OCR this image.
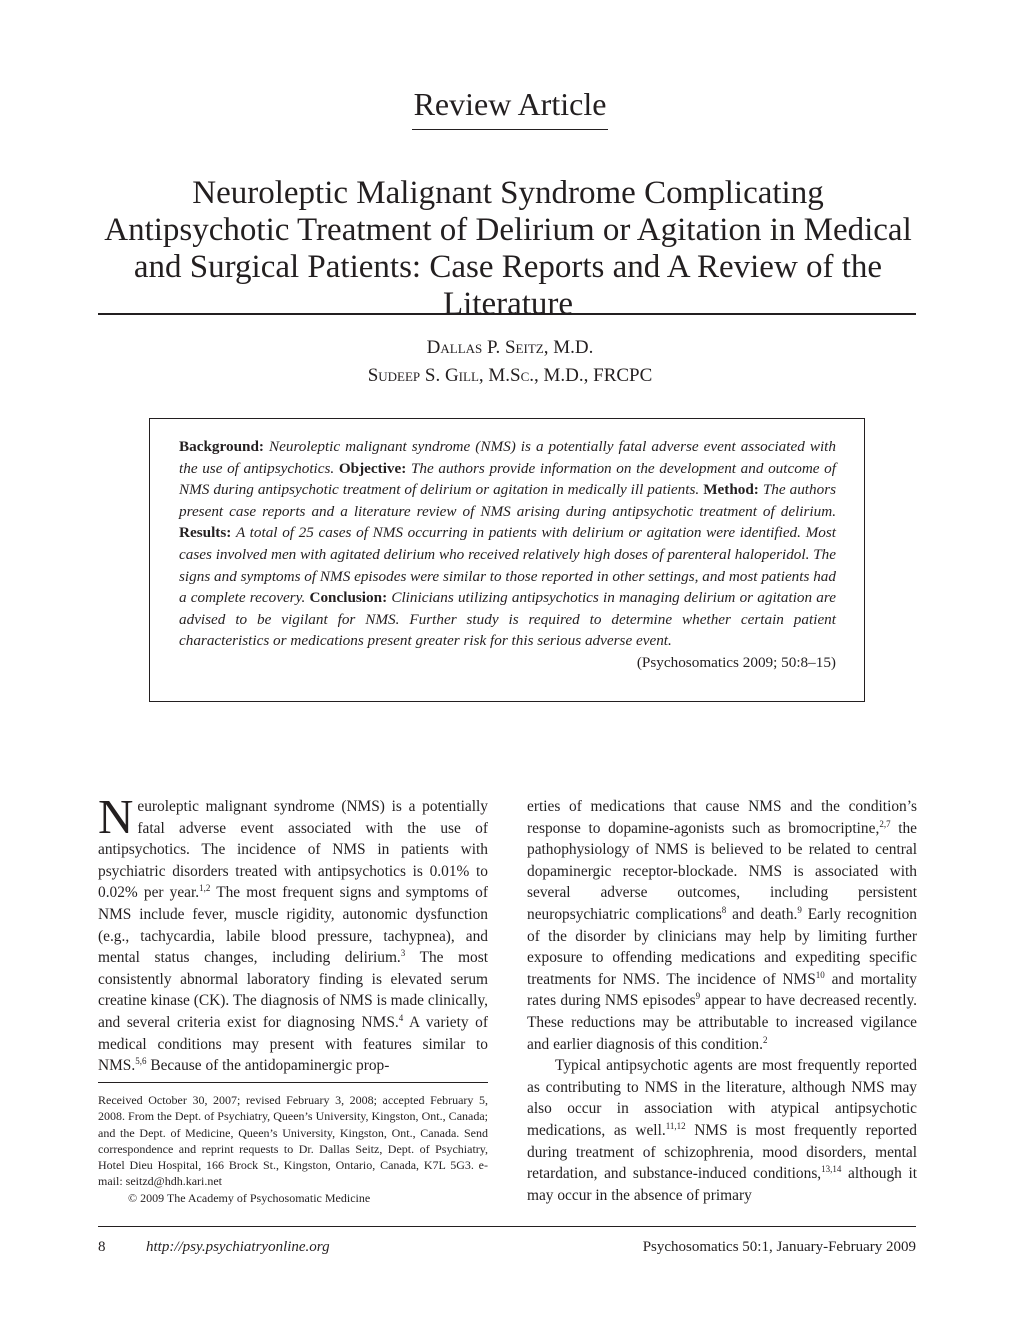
Review Article
Neuroleptic Malignant Syndrome Complicating Antipsychotic Treatment of Delirium or Agitation in Medical and Surgical Patients: Case Reports and A Review of the Literature
Dallas P. Seitz, M.D.
Sudeep S. Gill, M.Sc., M.D., FRCPC
Background: Neuroleptic malignant syndrome (NMS) is a potentially fatal adverse event associated with the use of antipsychotics. Objective: The authors provide information on the development and outcome of NMS during antipsychotic treatment of delirium or agitation in medically ill patients. Method: The authors present case reports and a literature review of NMS arising during antipsychotic treatment of delirium. Results: A total of 25 cases of NMS occurring in patients with delirium or agitation were identified. Most cases involved men with agitated delirium who received relatively high doses of parenteral haloperidol. The signs and symptoms of NMS episodes were similar to those reported in other settings, and most patients had a complete recovery. Conclusion: Clinicians utilizing antipsychotics in managing delirium or agitation are advised to be vigilant for NMS. Further study is required to determine whether certain patient characteristics or medications present greater risk for this serious adverse event.
(Psychosomatics 2009; 50:8–15)

Neuroleptic malignant syndrome (NMS) is a potentially fatal adverse event associated with the use of antipsychotics. The incidence of NMS in patients with psychiatric disorders treated with antipsychotics is 0.01% to 0.02% per year.$^{1,2}$ The most frequent signs and symptoms of NMS include fever, muscle rigidity, autonomic dysfunction (e.g., tachycardia, labile blood pressure, tachypnea), and mental status changes, including delirium.$^3$ The most consistently abnormal laboratory finding is elevated serum creatine kinase (CK). The diagnosis of NMS is made clinically, and several criteria exist for diagnosing NMS.$^4$ A variety of medical conditions may present with features similar to NMS.$^{5,6}$ Because of the antidopaminergic prop-

Received October 30, 2007; revised February 3, 2008; accepted February 5, 2008. From the Dept. of Psychiatry, Queen’s University, Kingston, Ont., Canada; and the Dept. of Medicine, Queen’s University, Kingston, Ont., Canada. Send correspondence and reprint requests to Dr. Dallas Seitz, Dept. of Psychiatry, Hotel Dieu Hospital, 166 Brock St., Kingston, Ontario, Canada, K7L 5G3. e-mail: seitzd@hdh.kari.net

© 2009 The Academy of Psychosomatic Medicine

erties of medications that cause NMS and the condition’s response to dopamine-agonists such as bromocriptine,$^{2,7}$ the pathophysiology of NMS is believed to be related to central dopaminergic receptor-blockade. NMS is associated with several adverse outcomes, including persistent neuropsychiatric complications$^8$ and death.$^9$ Early recognition of the disorder by clinicians may help by limiting further exposure to offending medications and expediting specific treatments for NMS. The incidence of NMS$^{10}$ and mortality rates during NMS episodes$^9$ appear to have decreased recently. These reductions may be attributable to increased vigilance and earlier diagnosis of this condition.$^2$

Typical antipsychotic agents are most frequently reported as contributing to NMS in the literature, although NMS may also occur in association with atypical antipsychotic medications, as well.$^{11,12}$ NMS is most frequently reported during treatment of schizophrenia, mood disorders, mental retardation, and substance-induced conditions,$^{13,14}$ although it may occur in the absence of primary

8	http://psy.psychiatryonline.org	Psychosomatics 50:1, January-February 2009
